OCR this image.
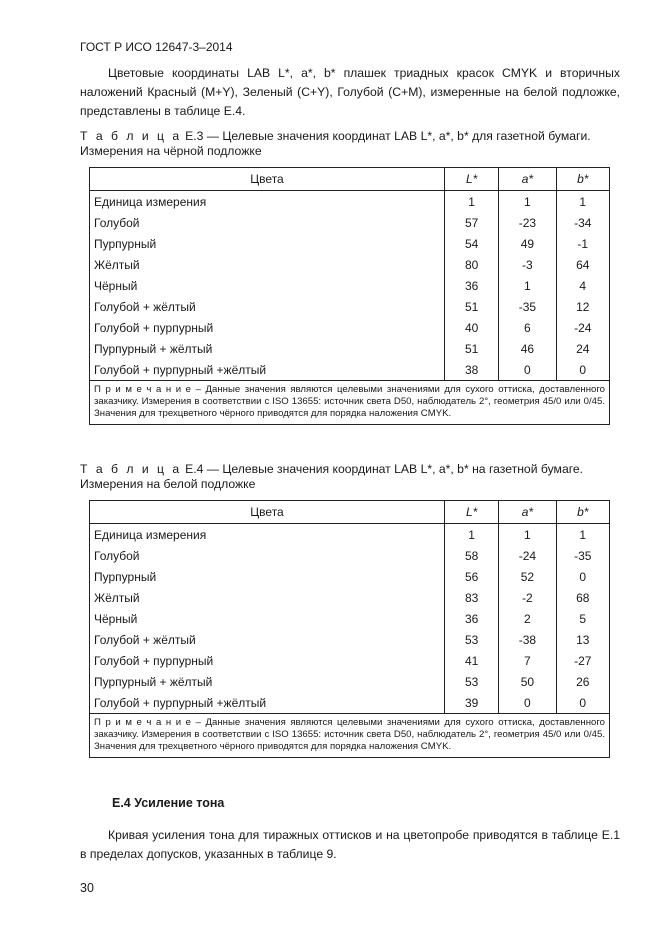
ГОСТ Р ИСО 12647-3–2014
Цветовые координаты LAB L*, a*, b* плашек триадных красок CMYK и вторичных наложений Красный (M+Y), Зеленый (C+Y), Голубой (C+M), измеренные на белой подложке, представлены в таблице E.4.
Т а б л и ц а E.3 — Целевые значения координат LAB L*, a*, b* для газетной бумаги. Измерения на чёрной подложке
Цвета	L*	a*	b*
Единица измерения	1	1	1
Голубой	57	-23	-34
Пурпурный	54	49	-1
Жёлтый	80	-3	64
Чёрный	36	1	4
Голубой + жёлтый	51	-35	12
Голубой + пурпурный	40	6	-24
Пурпурный + жёлтый	51	46	24
Голубой + пурпурный +жёлтый	38	0	0
П р и м е ч а н и е – Данные значения являются целевыми значениями для сухого оттиска, доставленного заказчику. Измерения в соответствии с ISO 13655: источник света D50, наблюдатель 2°, геометрия 45/0 или 0/45. Значения для трехцветного чёрного приводятся для порядка наложения CMYK.			
Т а б л и ц а E.4 — Целевые значения координат LAB L*, a*, b* на газетной бумаге. Измерения на белой подложке
Цвета	L*	a*	b*
Единица измерения	1	1	1
Голубой	58	-24	-35
Пурпурный	56	52	0
Жёлтый	83	-2	68
Чёрный	36	2	5
Голубой + жёлтый	53	-38	13
Голубой + пурпурный	41	7	-27
Пурпурный + жёлтый	53	50	26
Голубой + пурпурный +жёлтый	39	0	0
П р и м е ч а н и е – Данные значения являются целевыми значениями для сухого оттиска, доставленного заказчику. Измерения в соответствии с ISO 13655: источник света D50, наблюдатель 2°, геометрия 45/0 или 0/45. Значения для трехцветного чёрного приводятся для порядка наложения CMYK.			
E.4 Усиление тона
Кривая усиления тона для тиражных оттисков и на цветопробе приводятся в таблице E.1 в пределах допусков, указанных в таблице 9.
30
